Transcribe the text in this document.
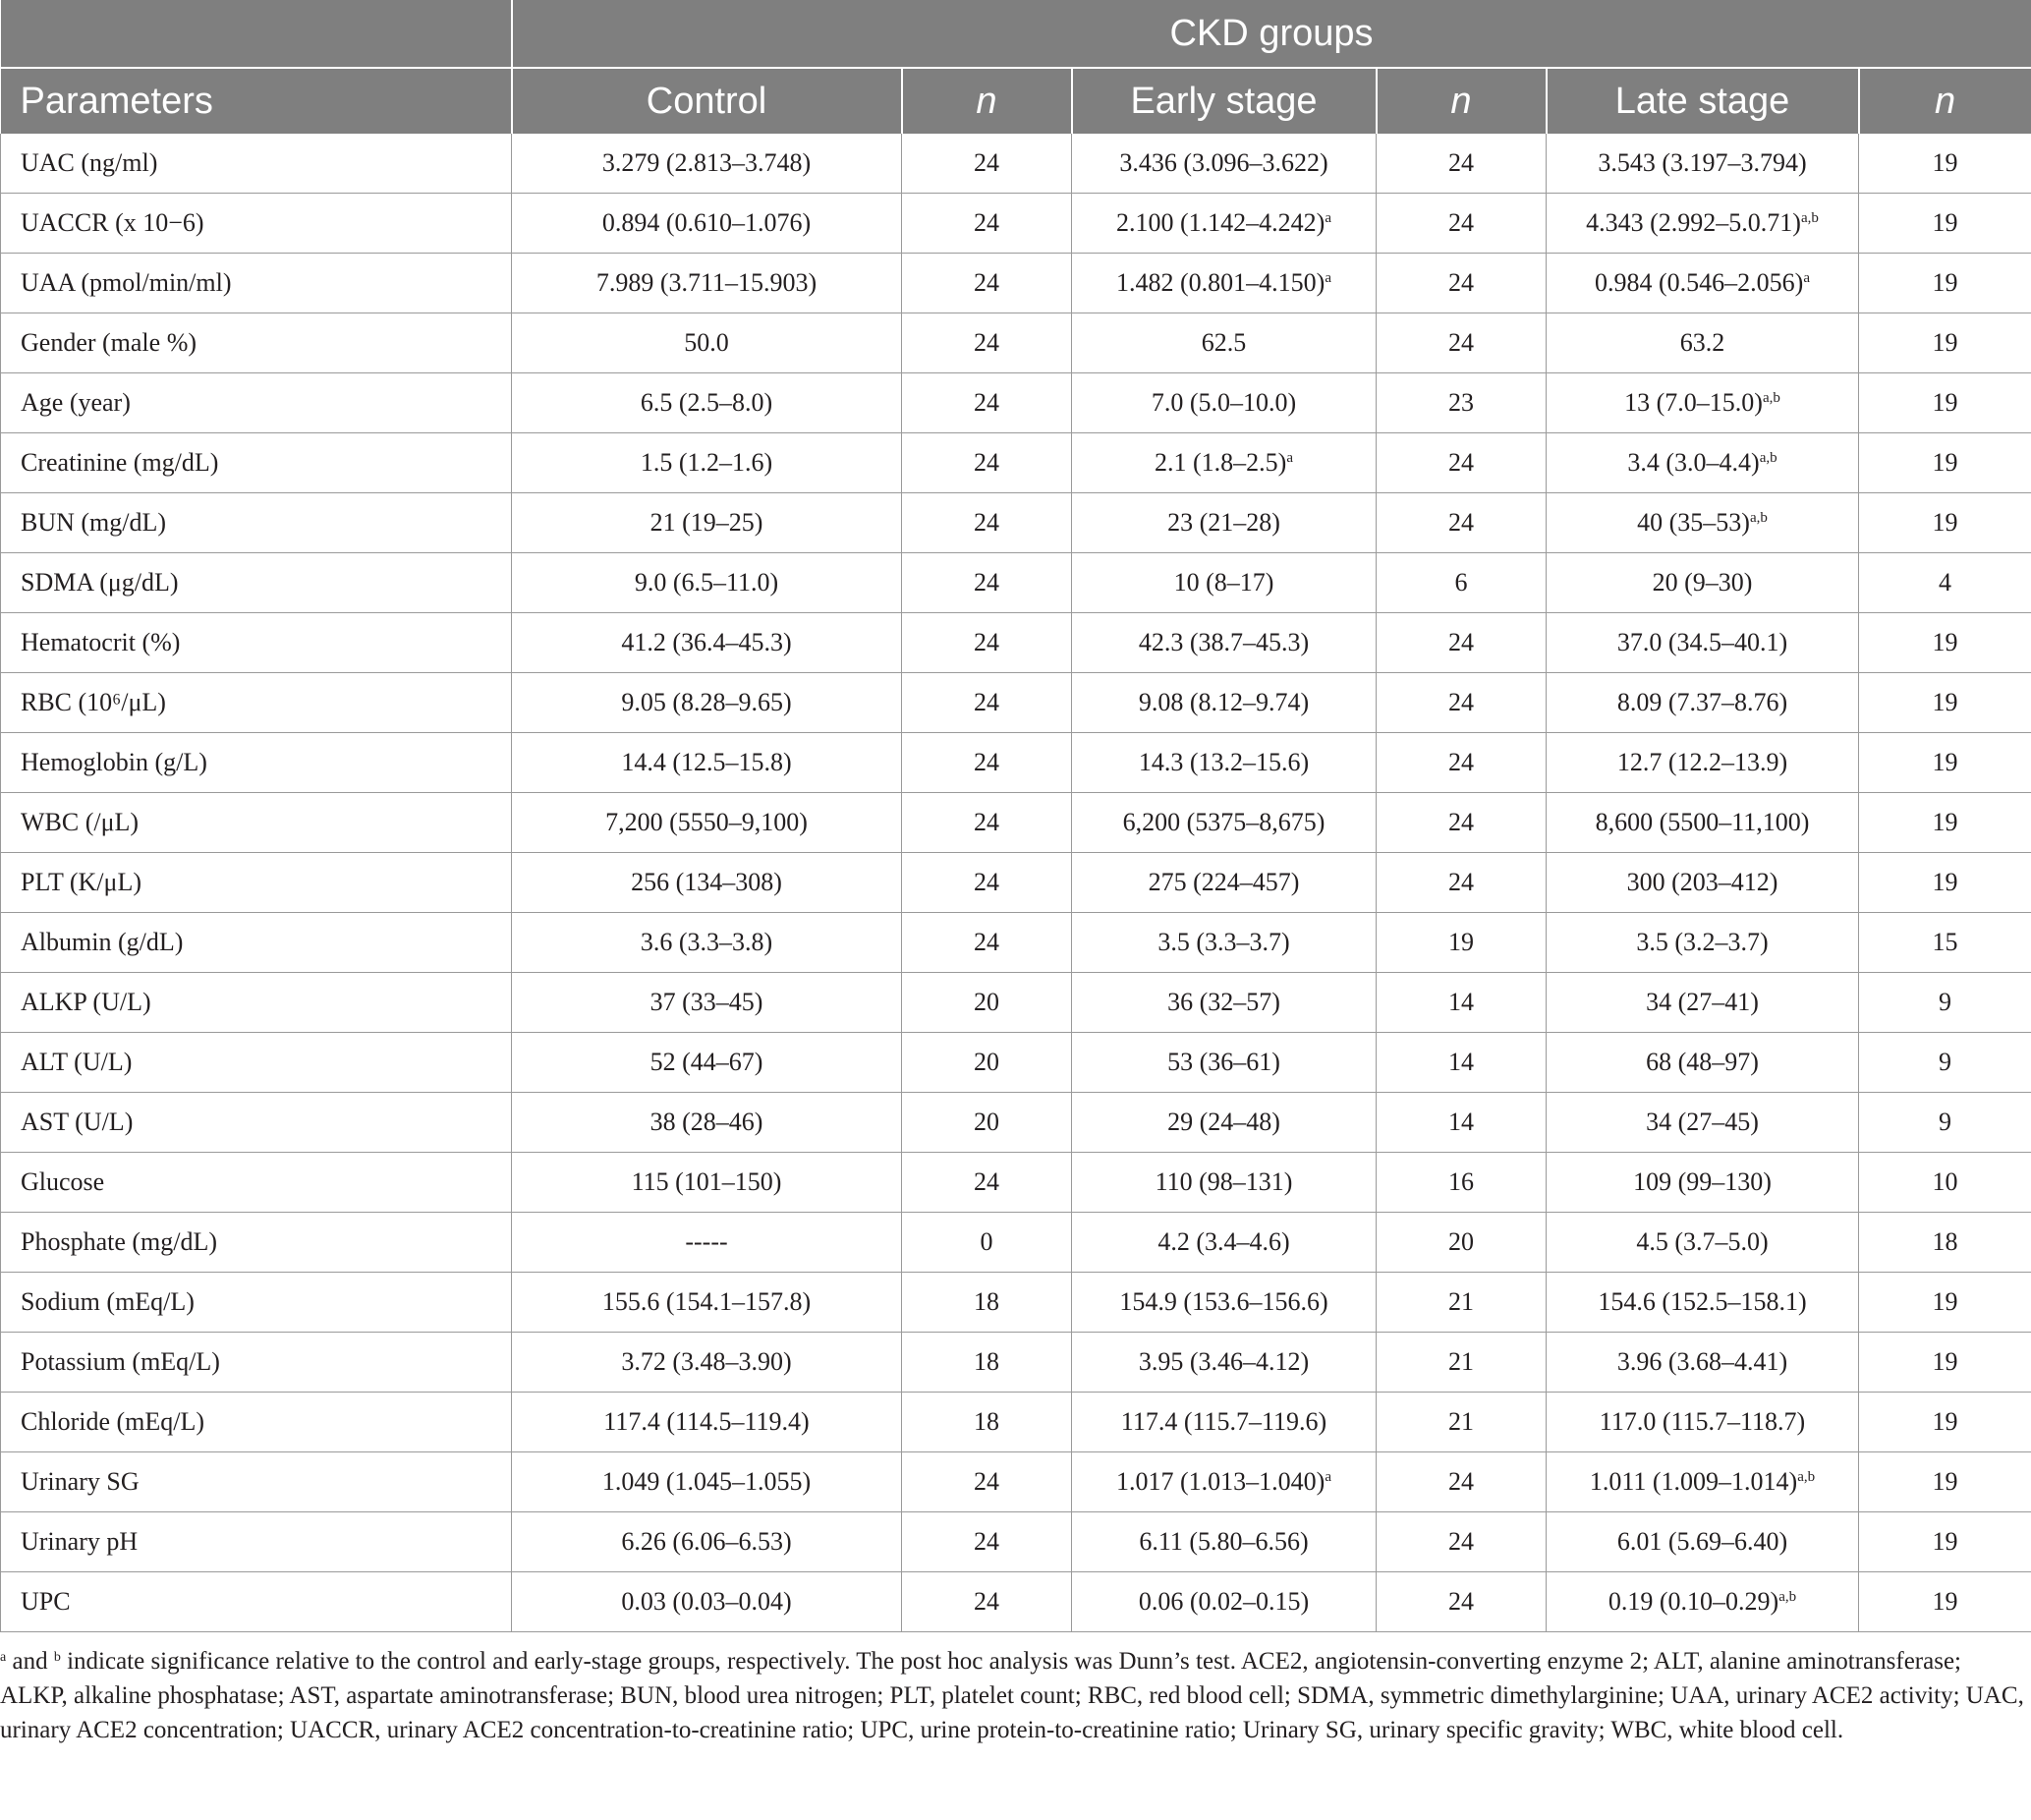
	CKD groups					
Parameters	Control	n	Early stage	n	Late stage	n
UAC (ng/ml)	3.279 (2.813–3.748)	24	3.436 (3.096–3.622)	24	3.543 (3.197–3.794)	19
UACCR (x 10−6)	0.894 (0.610–1.076)	24	2.100 $(1.142-4.242)^a$	24	4.343 $(2.992-5.0.71)^{a,b}$	19
UAA (pmol/min/ml)	7.989 (3.711–15.903)	24	1.482 $(0.801-4.150)^a$	24	0.984 $(0.546-2.056)^a$	19
Gender (male %)	50.0	24	62.5	24	63.2	19
Age (year)	6.5 (2.5–8.0)	24	7.0 (5.0–10.0)	23	13 $(7.0-15.0)^{a,b}$	19
Creatinine (mg/dL)	1.5 (1.2–1.6)	24	2.1 $(1.8-2.5)^a$	24	3.4 $(3.0-4.4)^{a,b}$	19
BUN (mg/dL)	21 (19–25)	24	23 (21–28)	24	40 $(35-53)^{a,b}$	19
SDMA (μg/dL)	9.0 (6.5–11.0)	24	10 (8–17)	6	20 (9–30)	4
Hematocrit (%)	41.2 (36.4–45.3)	24	42.3 (38.7–45.3)	24	37.0 (34.5–40.1)	19
RBC (10⁶/μL)	9.05 (8.28–9.65)	24	9.08 (8.12–9.74)	24	8.09 (7.37–8.76)	19
Hemoglobin (g/L)	14.4 (12.5–15.8)	24	14.3 (13.2–15.6)	24	12.7 (12.2–13.9)	19
WBC (/μL)	7,200 (5550–9,100)	24	6,200 (5375–8,675)	24	8,600 (5500–11,100)	19
PLT (K/μL)	256 (134–308)	24	275 (224–457)	24	300 (203–412)	19
Albumin (g/dL)	3.6 (3.3–3.8)	24	3.5 (3.3–3.7)	19	3.5 (3.2–3.7)	15
ALKP (U/L)	37 (33–45)	20	36 (32–57)	14	34 (27–41)	9
ALT (U/L)	52 (44–67)	20	53 (36–61)	14	68 (48–97)	9
AST (U/L)	38 (28–46)	20	29 (24–48)	14	34 (27–45)	9
Glucose	115 (101–150)	24	110 (98–131)	16	109 (99–130)	10
Phosphate (mg/dL)	-----	0	4.2 (3.4–4.6)	20	4.5 (3.7–5.0)	18
Sodium (mEq/L)	155.6 (154.1–157.8)	18	154.9 (153.6–156.6)	21	154.6 (152.5–158.1)	19
Potassium (mEq/L)	3.72 (3.48–3.90)	18	3.95 (3.46–4.12)	21	3.96 (3.68–4.41)	19
Chloride (mEq/L)	117.4 (114.5–119.4)	18	117.4 (115.7–119.6)	21	117.0 (115.7–118.7)	19
Urinary SG	1.049 (1.045–1.055)	24	1.017 $(1.013-1.040)^a$	24	1.011 $(1.009-1.014)^{a,b}$	19
Urinary pH	6.26 (6.06–6.53)	24	6.11 (5.80–6.56)	24	6.01 (5.69–6.40)	19
UPC	0.03 (0.03–0.04)	24	0.06 (0.02–0.15)	24	0.19 $(0.10-0.29)^{a,b}$	19

$^a$ and $^b$ indicate significance relative to the control and early-stage groups, respectively. The post hoc analysis was Dunn’s test. ACE2, angiotensin-converting enzyme 2; ALT, alanine aminotransferase; ALKP, alkaline phosphatase; AST, aspartate aminotransferase; BUN, blood urea nitrogen; PLT, platelet count; RBC, red blood cell; SDMA, symmetric dimethylarginine; UAA, urinary ACE2 activity; UAC, urinary ACE2 concentration; UACCR, urinary ACE2 concentration-to-creatinine ratio; UPC, urine protein-to-creatinine ratio; Urinary SG, urinary specific gravity; WBC, white blood cell.
